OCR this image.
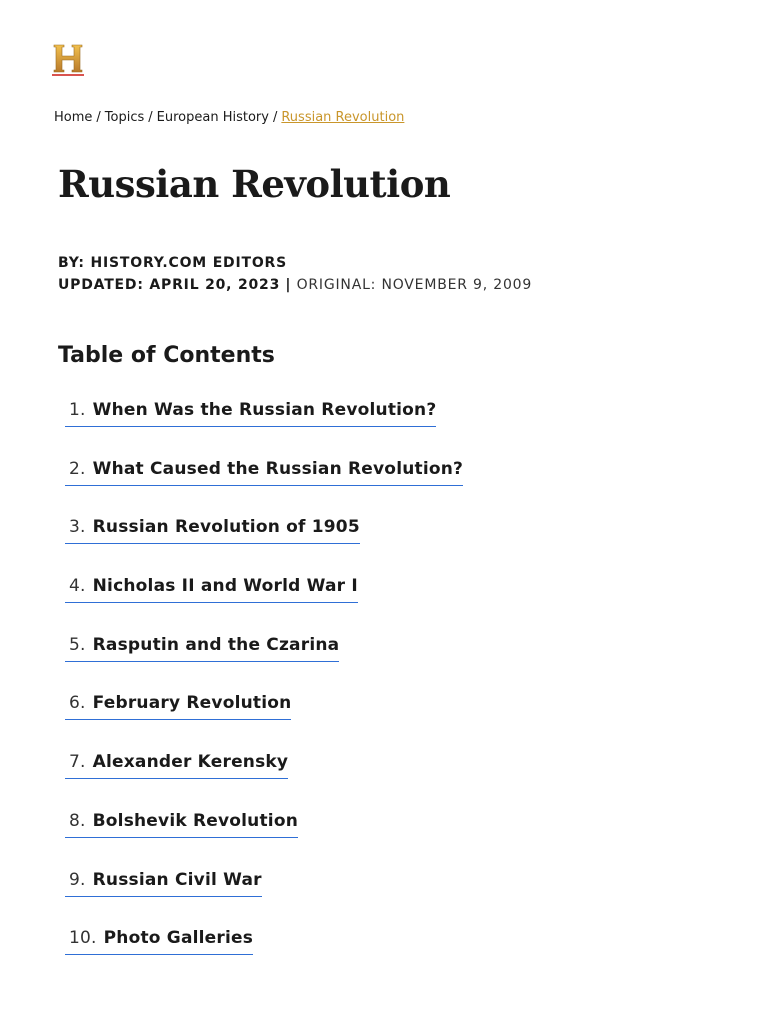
Home / Topics / European History / Russian Revolution
Russian Revolution
BY: HISTORY.COM EDITORS
UPDATED: APRIL 20, 2023 | ORIGINAL: NOVEMBER 9, 2009
Table of Contents
1. When Was the Russian Revolution?
2. What Caused the Russian Revolution?
3. Russian Revolution of 1905
4. Nicholas II and World War I
5. Rasputin and the Czarina
6. February Revolution
7. Alexander Kerensky
8. Bolshevik Revolution
9. Russian Civil War
10. Photo Galleries
